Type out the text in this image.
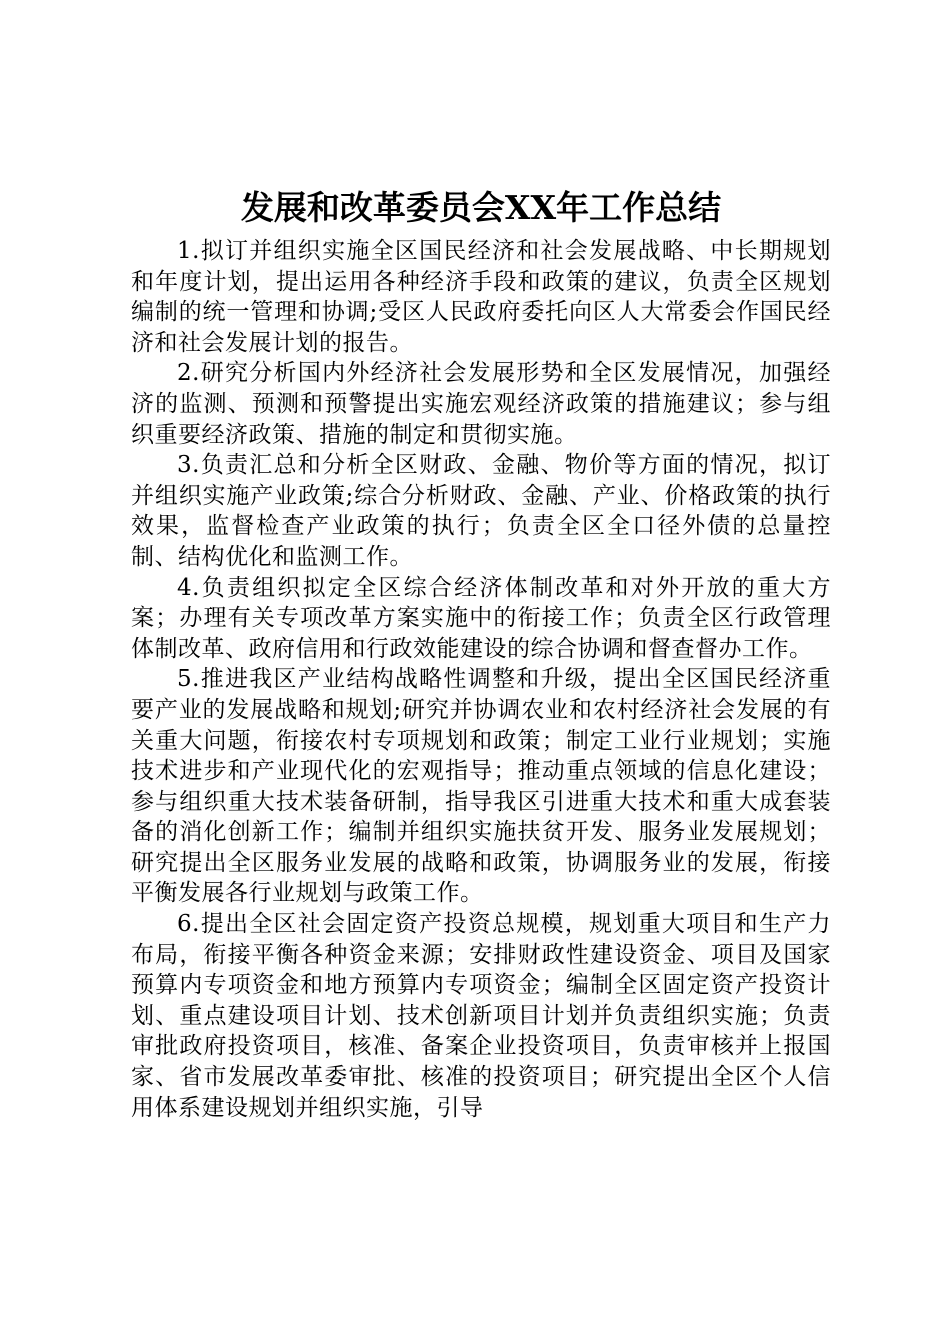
发展和改革委员会XX年工作总结

1.拟订并组织实施全区国民经济和社会发展战略、中长期规划和年度计划，提出运用各种经济手段和政策的建议，负责全区规划编制的统一管理和协调;受区人民政府委托向区人大常委会作国民经济和社会发展计划的报告。

2.研究分析国内外经济社会发展形势和全区发展情况，加强经济的监测、预测和预警提出实施宏观经济政策的措施建议；参与组织重要经济政策、措施的制定和贯彻实施。

3.负责汇总和分析全区财政、金融、物价等方面的情况，拟订并组织实施产业政策;综合分析财政、金融、产业、价格政策的执行效果，监督检查产业政策的执行；负责全区全口径外债的总量控制、结构优化和监测工作。

4.负责组织拟定全区综合经济体制改革和对外开放的重大方案；办理有关专项改革方案实施中的衔接工作；负责全区行政管理体制改革、政府信用和行政效能建设的综合协调和督查督办工作。

5.推进我区产业结构战略性调整和升级，提出全区国民经济重要产业的发展战略和规划;研究并协调农业和农村经济社会发展的有关重大问题，衔接农村专项规划和政策；制定工业行业规划；实施技术进步和产业现代化的宏观指导；推动重点领域的信息化建设；参与组织重大技术装备研制，指导我区引进重大技术和重大成套装备的消化创新工作；编制并组织实施扶贫开发、服务业发展规划；研究提出全区服务业发展的战略和政策，协调服务业的发展，衔接平衡发展各行业规划与政策工作。

6.提出全区社会固定资产投资总规模，规划重大项目和生产力布局，衔接平衡各种资金来源；安排财政性建设资金、项目及国家预算内专项资金和地方预算内专项资金；编制全区固定资产投资计划、重点建设项目计划、技术创新项目计划并负责组织实施；负责审批政府投资项目，核准、备案企业投资项目，负责审核并上报国家、省市发展改革委审批、核准的投资项目；研究提出全区个人信用体系建设规划并组织实施，引导
